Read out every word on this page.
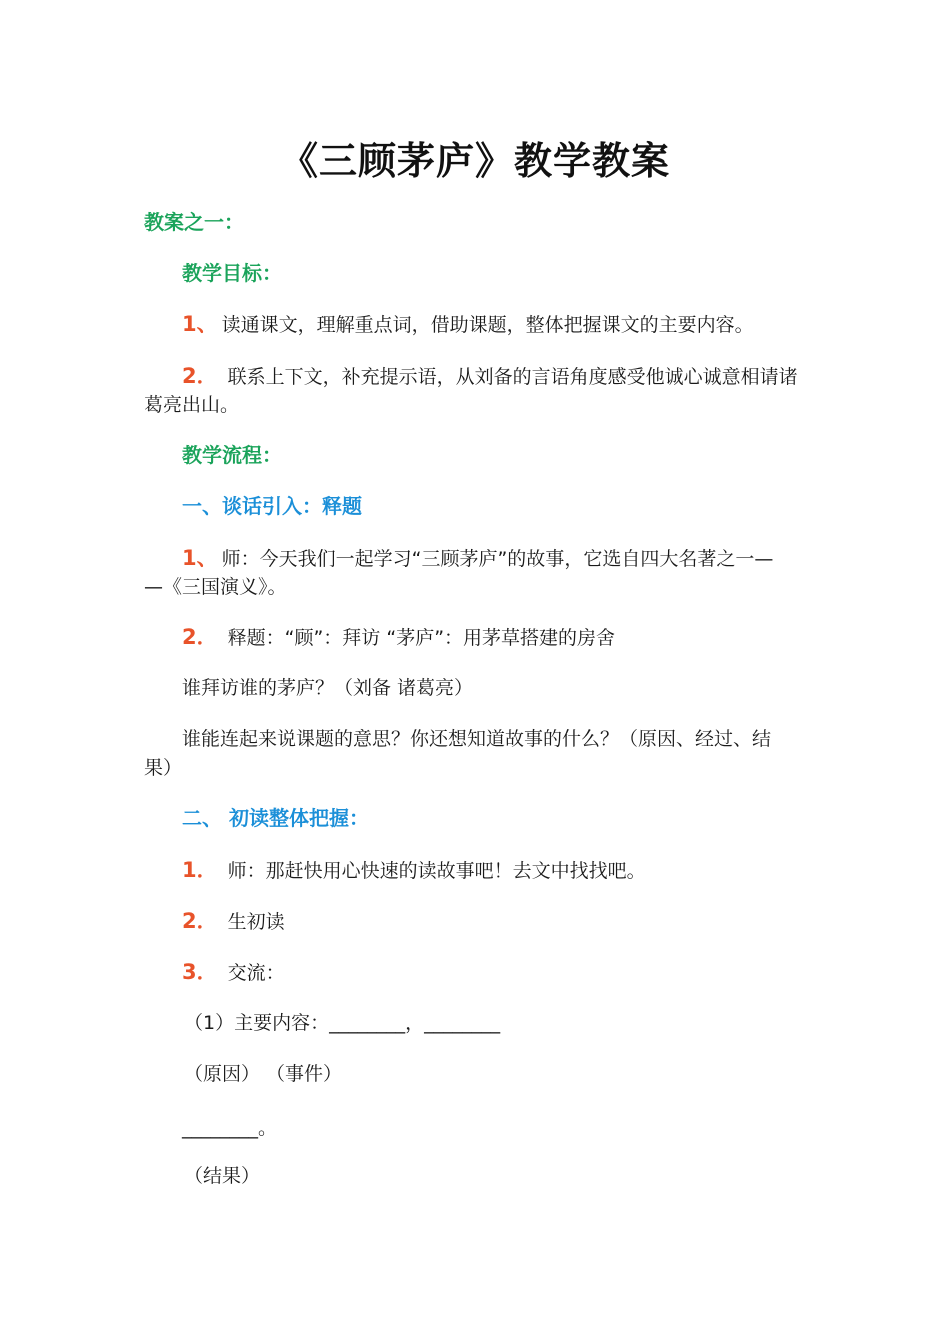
《三顾茅庐》教学教案
教案之一：
教学目标：
1、 读通课文，理解重点词，借助课题，整体把握课文的主要内容。
2． 联系上下文，补充提示语，从刘备的言语角度感受他诚心诚意相请诸
葛亮出山。
教学流程：
一、谈话引入：释题
1、 师：今天我们一起学习“三顾茅庐”的故事，它选自四大名著之一—
—《三国演义》。
2． 释题：“顾”：拜访 “茅庐”：用茅草搭建的房舍
谁拜访谁的茅庐？（刘备 诸葛亮）
谁能连起来说课题的意思？你还想知道故事的什么？（原因、经过、结
果）
二、 初读整体把握：
1． 师：那赶快用心快速的读故事吧！去文中找找吧。
2． 生初读
3． 交流：
（1）主要内容：________，________
（原因） （事件）
________。
（结果）
